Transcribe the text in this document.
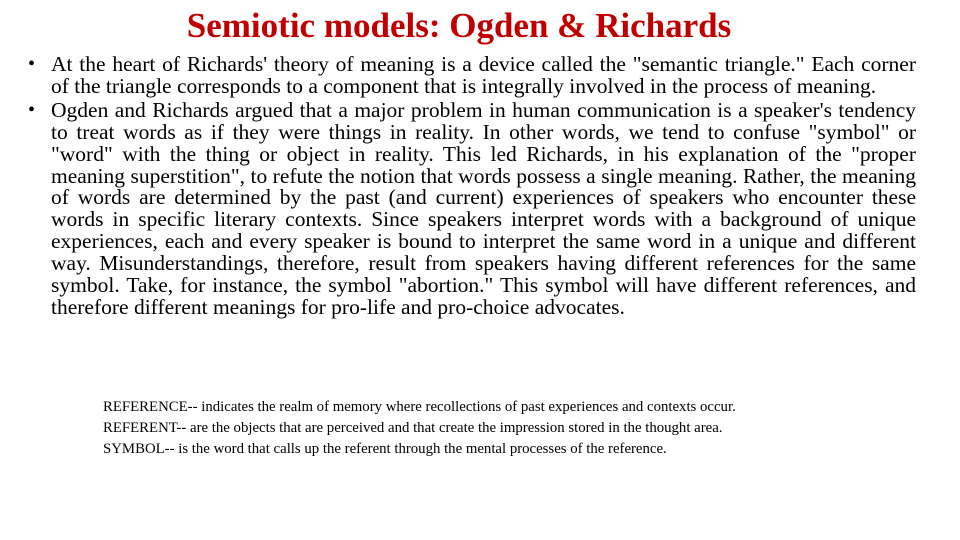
Semiotic models: Ogden & Richards
• At the heart of Richards' theory of meaning is a device called the "semantic triangle." Each corner of the triangle corresponds to a component that is integrally involved in the process of meaning.
• Ogden and Richards argued that a major problem in human communication is a speaker's tendency to treat words as if they were things in reality. In other words, we tend to confuse "symbol" or "word" with the thing or object in reality. This led Richards, in his explanation of the "proper meaning superstition", to refute the notion that words possess a single meaning. Rather, the meaning of words are determined by the past (and current) experiences of speakers who encounter these words in specific literary contexts. Since speakers interpret words with a background of unique experiences, each and every speaker is bound to interpret the same word in a unique and different way. Misunderstandings, therefore, result from speakers having different references for the same symbol. Take, for instance, the symbol "abortion." This symbol will have different references, and therefore different meanings for pro-life and pro-choice advocates.
REFERENCE-- indicates the realm of memory where recollections of past experiences and contexts occur.
REFERENT-- are the objects that are perceived and that create the impression stored in the thought area.
SYMBOL-- is the word that calls up the referent through the mental processes of the reference.
